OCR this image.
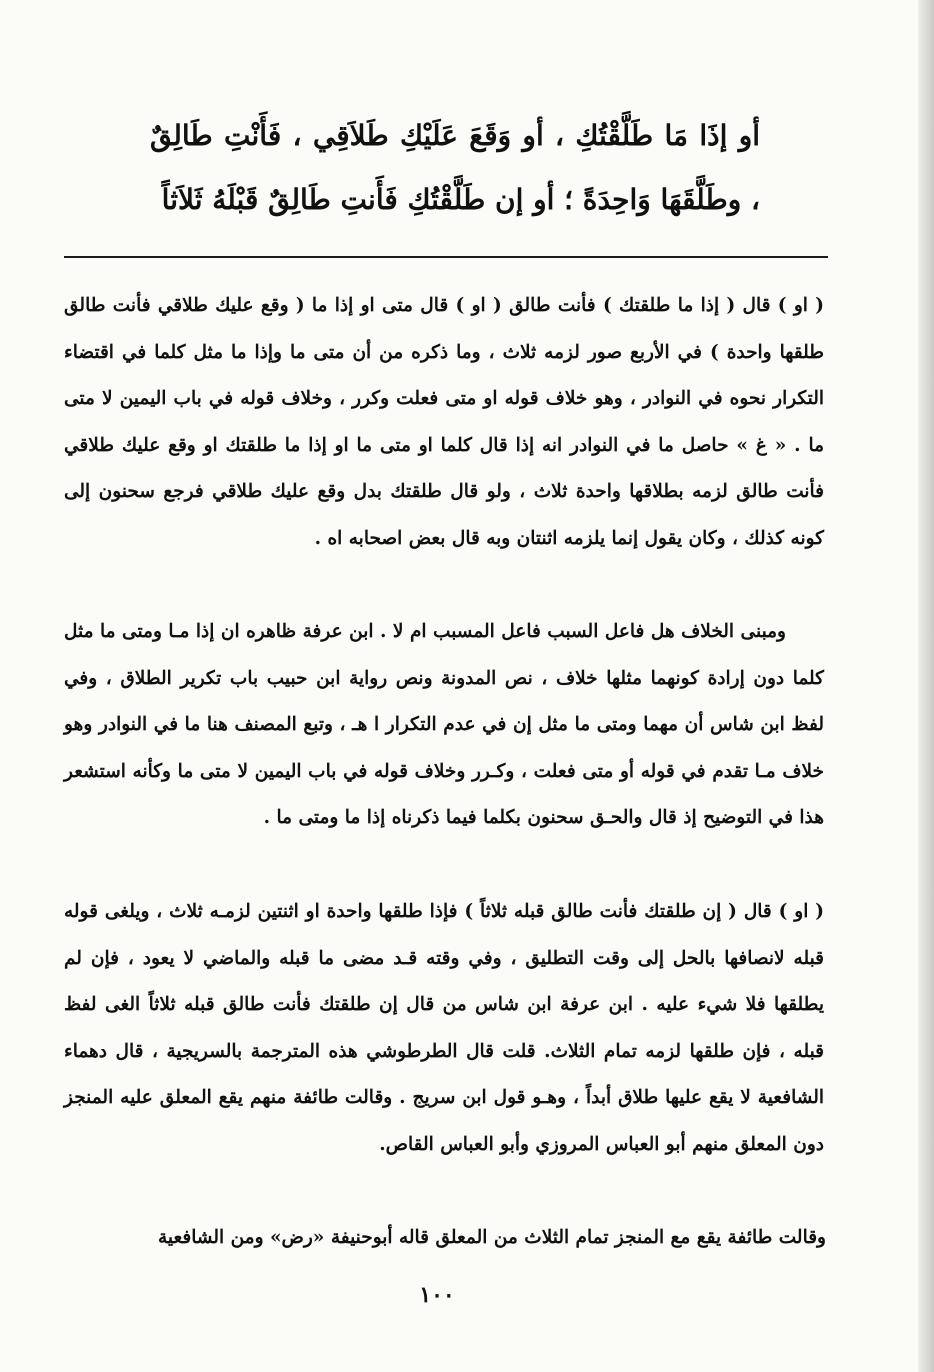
أو إذَا مَا طَلَّقْتُكِ ، أو وَقَعَ عَلَيْكِ طَلاَقِي ، فَأَنْتِ طَالِقٌ ، وطَلَّقَهَا وَاحِدَةً ؛ أو إن طَلَّقْتُكِ فَأَنتِ طَالِقٌ قَبْلَهُ ثَلاَثاً
( او ) قال ( إذا ما طلقتك ) فأنت طالق ( او ) قال متى او إذا ما ( وقع عليك طلاقي فأنت طالق طلقها واحدة ) في الأربع صور لزمه ثلاث ، وما ذكره من أن متى ما وإذا ما مثل كلما في اقتضاء التكرار نحوه في النوادر ، وهو خلاف قوله او متى فعلت وكرر ، وخلاف قوله في باب اليمين لا متى ما . « غ » حاصل ما في النوادر انه إذا قال كلما او متى ما او إذا ما طلقتك او وقع عليك طلاقي فأنت طالق لزمه بطلاقها واحدة ثلاث ، ولو قال طلقتك بدل وقع عليك طلاقي فرجع سحنون إلى كونه كذلك ، وكان يقول إنما يلزمه اثنتان وبه قال بعض اصحابه اه .
ومبنى الخلاف هل فاعل السبب فاعل المسبب ام لا . ابن عرفة ظاهره ان إذا مـا ومتى ما مثل كلما دون إرادة كونهما مثلها خلاف ، نص المدونة ونص رواية ابن حبيب باب تكرير الطلاق ، وفي لفظ ابن شاس أن مهما ومتى ما مثل إن في عدم التكرار ا هـ ، وتبع المصنف هنا ما في النوادر وهو خلاف مـا تقدم في قوله أو متى فعلت ، وكـرر وخلاف قوله في باب اليمين لا متى ما وكأنه استشعر هذا في التوضيح إذ قال والحـق سحنون بكلما فيما ذكرناه إذا ما ومتى ما .
( او ) قال ( إن طلقتك فأنت طالق قبله ثلاثاً ) فإذا طلقها واحدة او اثنتين لزمـه ثلاث ، ويلغى قوله قبله لانصافها بالحل إلى وقت التطليق ، وفي وقته قـد مضى ما قبله والماضي لا يعود ، فإن لم يطلقها فلا شيء عليه . ابن عرفة ابن شاس من قال إن طلقتك فأنت طالق قبله ثلاثاً الغى لفظ قبله ، فإن طلقها لزمه تمام الثلاث. قلت قال الطرطوشي هذه المترجمة بالسريجية ، قال دهماء الشافعية لا يقع عليها طلاق أبداً ، وهـو قول ابن سريج . وقالت طائفة منهم يقع المعلق عليه المنجز دون المعلق منهم أبو العباس المروزي وأبو العباس القاص.
وقالت طائفة يقع مع المنجز تمام الثلاث من المعلق قاله أبوحنيفة «رض» ومن الشافعية
١٠٠
